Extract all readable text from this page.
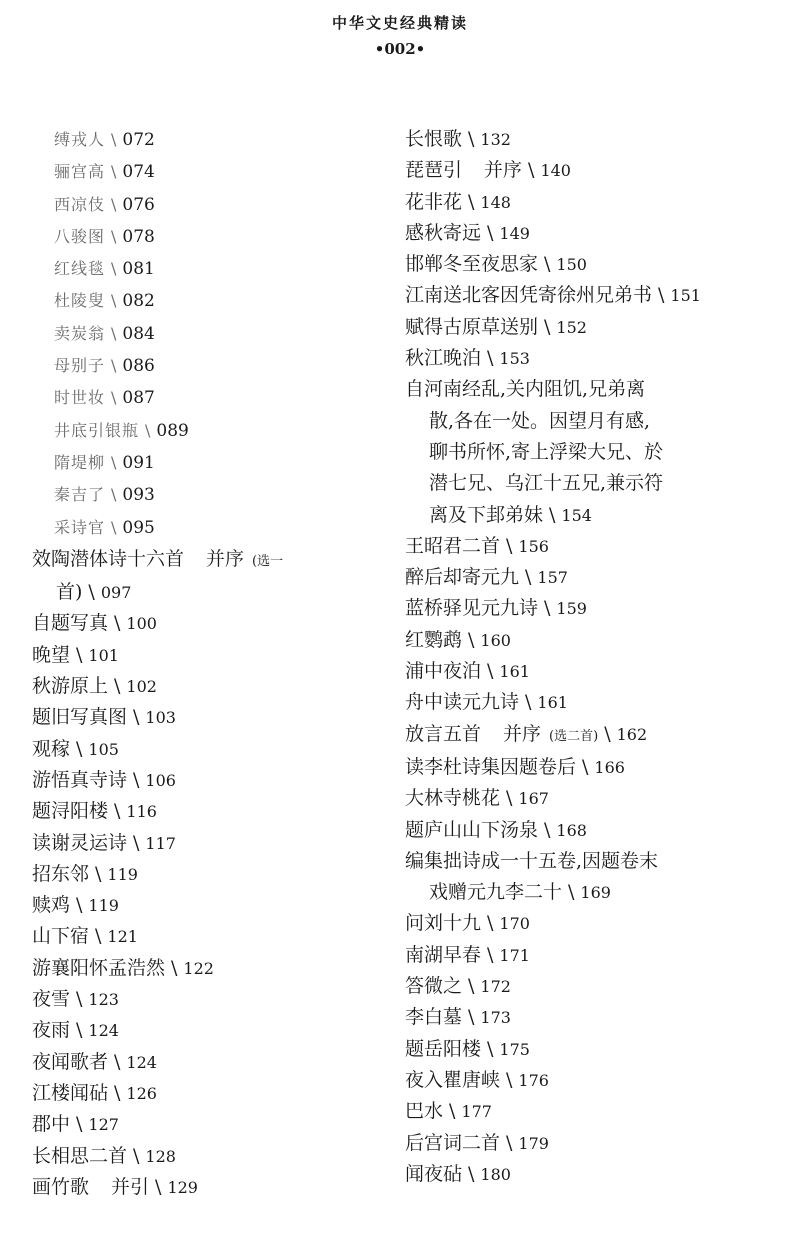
中华文史经典精读
•002•
缚戎人 \ 072
骊宫高 \ 074
西凉伎 \ 076
八骏图 \ 078
红线毯 \ 081
杜陵叟 \ 082
卖炭翁 \ 084
母别子 \ 086
时世妆 \ 087
井底引银瓶 \ 089
隋堤柳 \ 091
秦吉了 \ 093
采诗官 \ 095
效陶潜体诗十六首 并序 (选一
首) \ 097
自题写真 \ 100
晚望 \ 101
秋游原上 \ 102
题旧写真图 \ 103
观稼 \ 105
游悟真寺诗 \ 106
题浔阳楼 \ 116
读谢灵运诗 \ 117
招东邻 \ 119
赎鸡 \ 119
山下宿 \ 121
游襄阳怀孟浩然 \ 122
夜雪 \ 123
夜雨 \ 124
夜闻歌者 \ 124
江楼闻砧 \ 126
郡中 \ 127
长相思二首 \ 128
画竹歌 并引 \ 129
长恨歌 \ 132
琵琶引 并序 \ 140
花非花 \ 148
感秋寄远 \ 149
邯郸冬至夜思家 \ 150
江南送北客因凭寄徐州兄弟书 \ 151
赋得古原草送别 \ 152
秋江晚泊 \ 153
自河南经乱,关内阻饥,兄弟离
散,各在一处。因望月有感,
聊书所怀,寄上浮梁大兄、於
潜七兄、乌江十五兄,兼示符
离及下邽弟妹 \ 154
王昭君二首 \ 156
醉后却寄元九 \ 157
蓝桥驿见元九诗 \ 159
红鹦鹉 \ 160
浦中夜泊 \ 161
舟中读元九诗 \ 161
放言五首 并序 (选二首) \ 162
读李杜诗集因题卷后 \ 166
大林寺桃花 \ 167
题庐山山下汤泉 \ 168
编集拙诗成一十五卷,因题卷末
戏赠元九李二十 \ 169
问刘十九 \ 170
南湖早春 \ 171
答微之 \ 172
李白墓 \ 173
题岳阳楼 \ 175
夜入瞿唐峡 \ 176
巴水 \ 177
后宫词二首 \ 179
闻夜砧 \ 180
